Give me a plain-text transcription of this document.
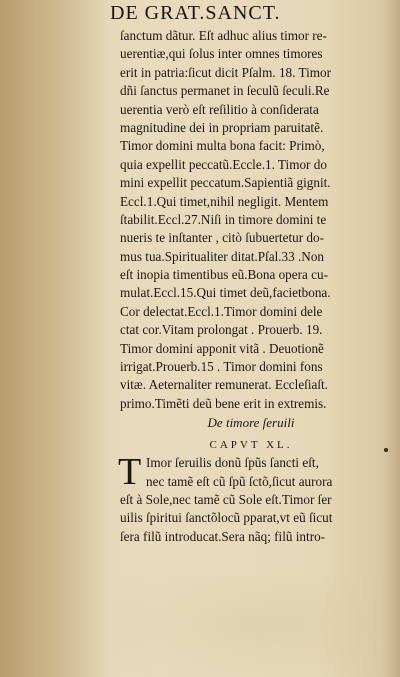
DE GRAT.SANCT.
ſanctum dãtur. Eſt adhuc alius timor re-
uerentiæ,qui ſolus inter omnes timores
erit in patria:ſicut dicit Pſalm. 18. Timor
dñi ſanctus permanet in ſeculũ ſeculi.Re
uerentia verò eſt reſilitio à conſiderata
magnitudine dei in propriam paruitatẽ.
Timor domini multa bona facit: Primò,
quia expellit peccatũ.Eccle.1. Timor do
mini expellit peccatum.Sapientiã gignit.
Eccl.1.Qui timet,nihil negligit. Mentem
ſtabilit.Eccl.27.Niſi in timore domini te
nueris te inſtanter , citò ſubuertetur do-
mus tua.Spiritualiter ditat.Pſal.33 .Non
eſt inopia timentibus eũ.Bona opera cu-
mulat.Eccl.15.Qui timet deũ,facietbona.
Cor delectat.Eccl.1.Timor domini dele
ctat cor.Vitam prolongat . Prouerb. 19.
Timor domini apponit vitã . Deuotionẽ
irrigat.Prouerb.15 . Timor domini fons
vitæ. Aeternaliter remunerat. Eccleſiaſt.
primo.Timẽti deũ bene erit in extremis.
De timore ſeruili
CAPVT XL.
T Imor ſeruilis donũ ſpũs ſancti eſt,
nec tamẽ eſt cũ ſpũ ſctõ,ſicut aurora
eſt à Sole,nec tamẽ cũ Sole eſt.Timor ſer
uilis ſpiritui ſanctõlocũ pparat,vt eũ ſicut
ſera filũ introducat.Sera nãq; filũ intro-
